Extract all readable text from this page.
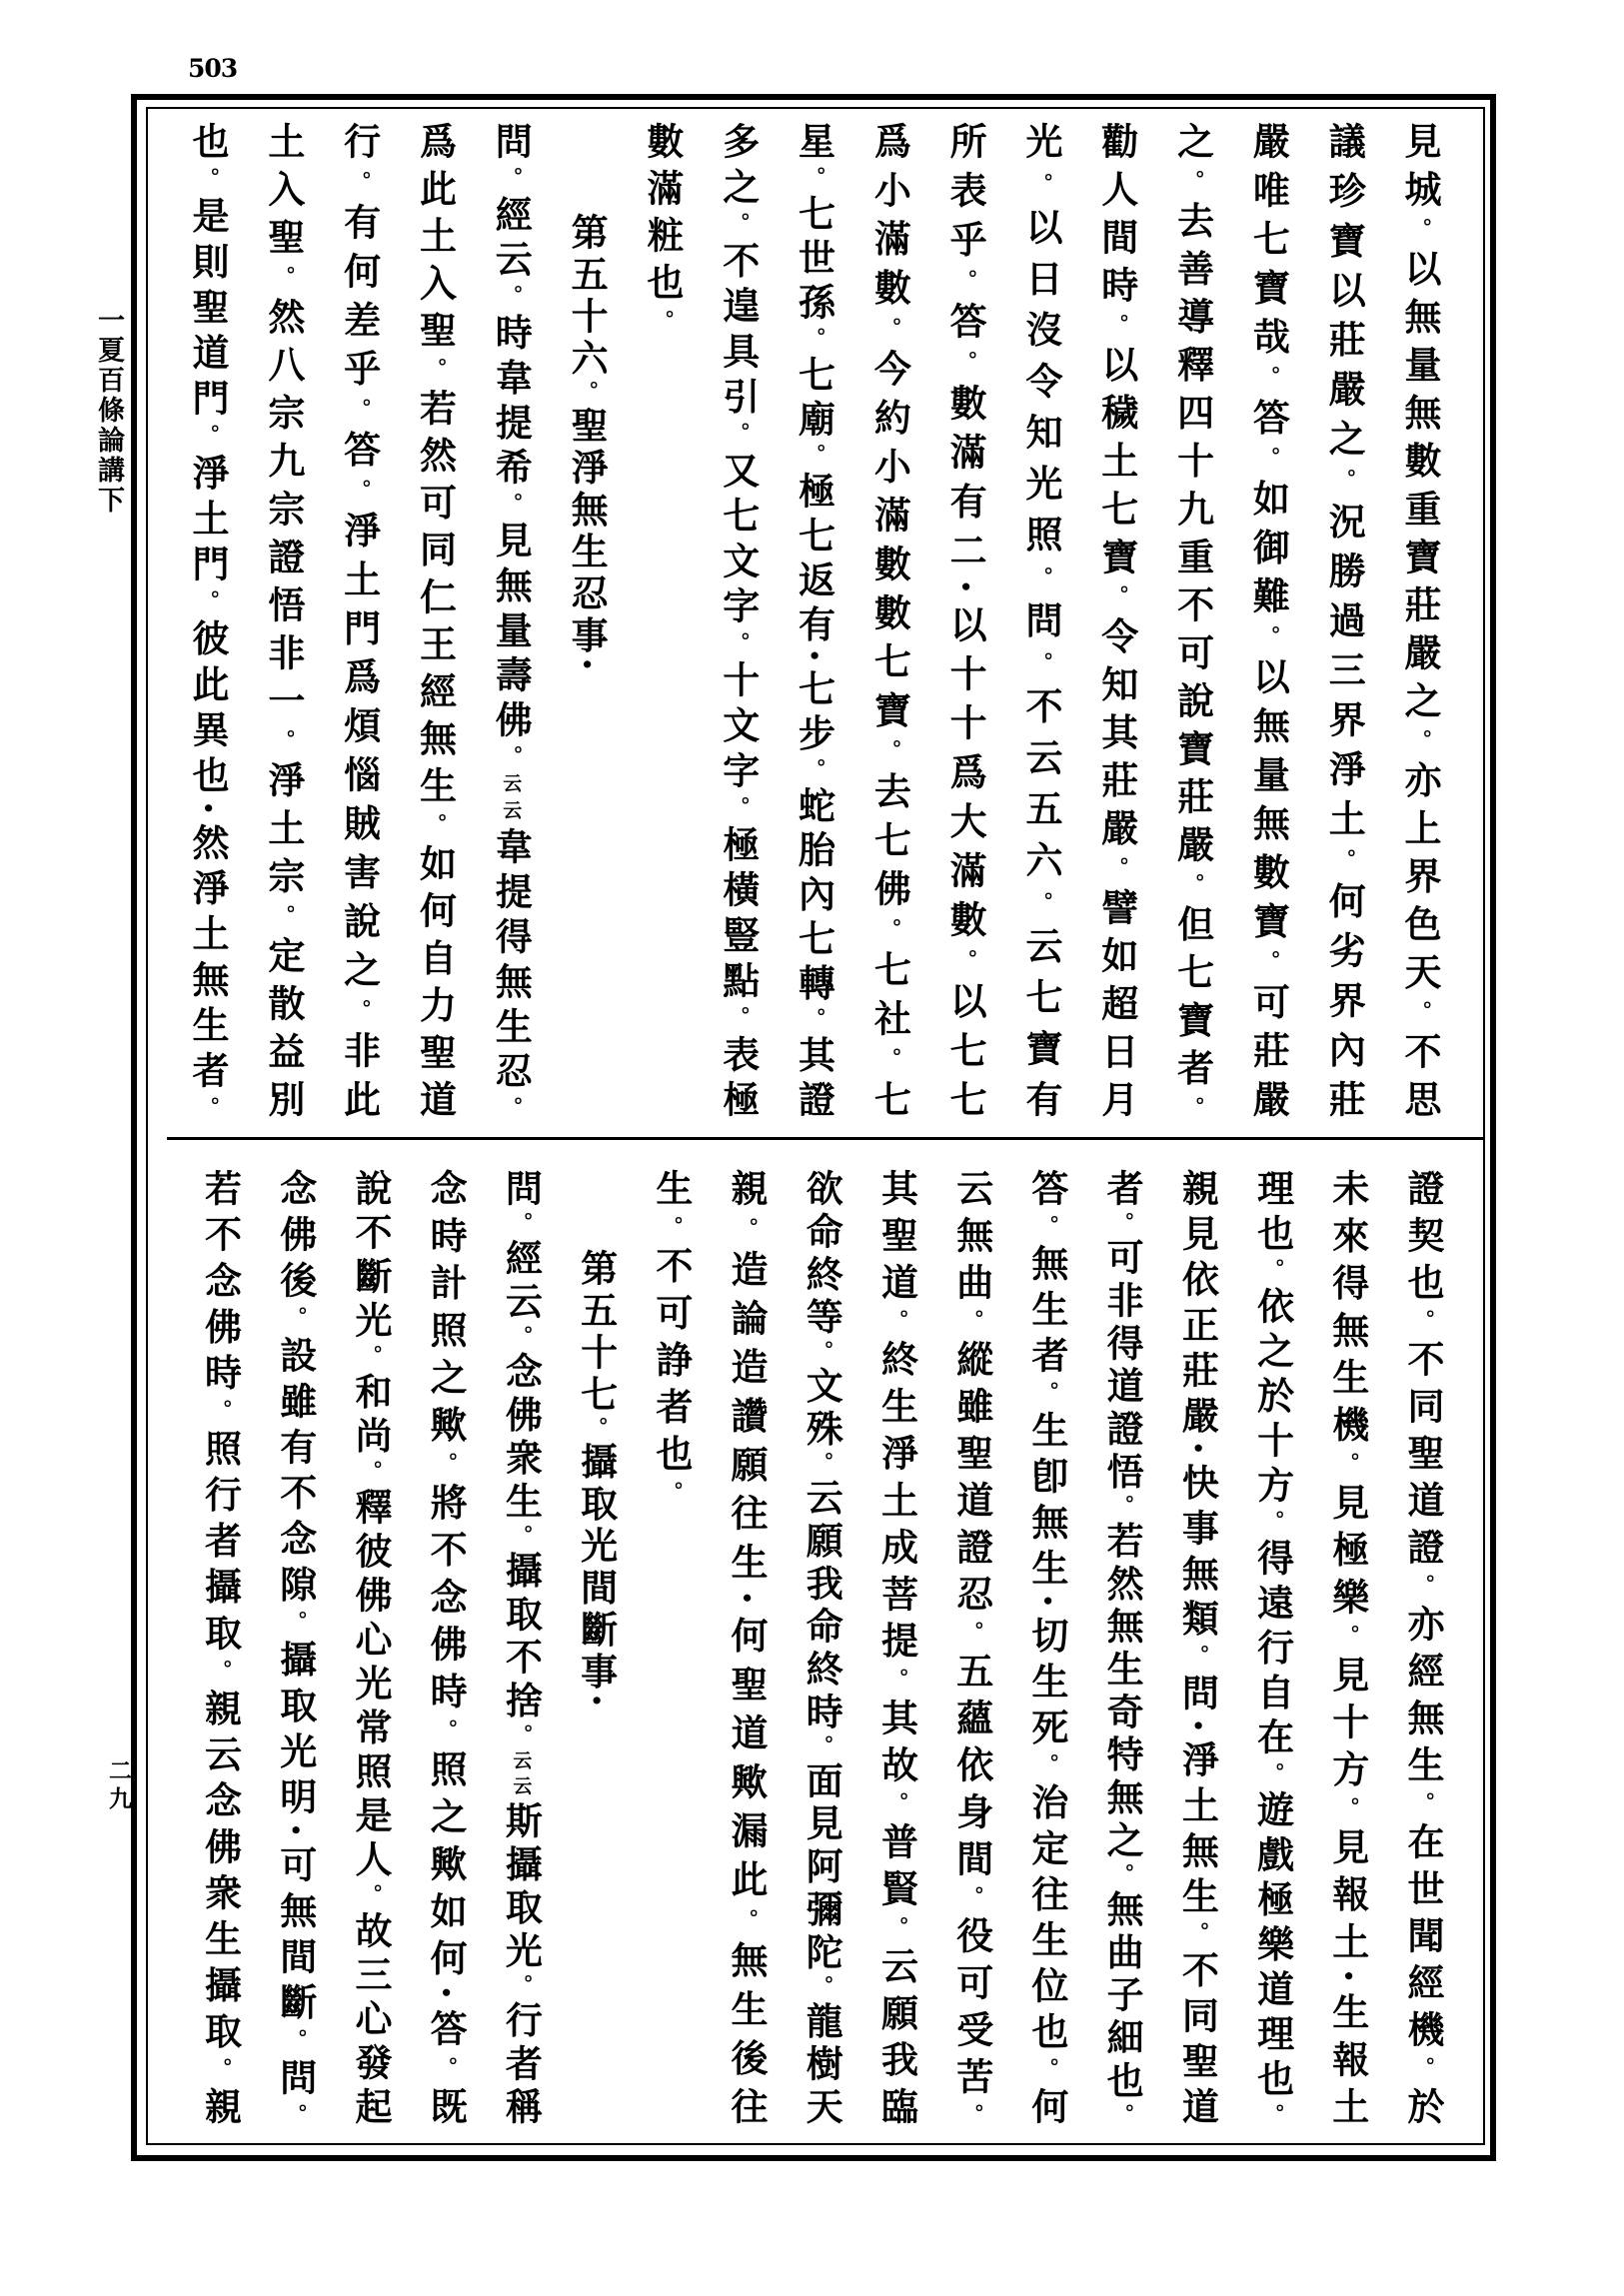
503
一夏百條論講下
二九
見城。以無量無數重寶莊嚴之。亦上界色天。不思
議珍寶以莊嚴之。況勝過三界淨土。何劣界內莊
嚴唯七寶哉。答。如御難。以無量無數寶。可莊嚴
之。去善導釋四十九重不可說寶莊嚴。但七寶者。
勸人間時。以穢土七寶。令知其莊嚴。譬如超日月
光。以日沒令知光照。問。不云五六。云七寶有
所表乎。答。數滿有二•以十十爲大滿數。以七七
爲小滿數。今約小滿數數七寶。去七佛。七社。七
星。七世孫。七廟。極七返有•七步。蛇胎內七轉。其證
多之。不遑具引。又七文字。十文字。極橫豎點。表極
數滿粧也。
第五十六。聖淨無生忍事•
問。經云。時韋提希。見無量壽佛。云云韋提得無生忍。
爲此土入聖。若然可同仁王經無生。如何自力聖道
行。有何差乎。答。淨土門爲煩惱賊害說之。非此
土入聖。然八宗九宗證悟非一。淨土宗。定散益別
也。是則聖道門。淨土門。彼此異也•然淨土無生者。
證契也。不同聖道證。亦經無生。在世聞經機。於
未來得無生機。見極樂。見十方。見報土•生報土
理也。依之於十方。得遠行自在。遊戲極樂道理也。
親見依正莊嚴•快事無類。問•淨土無生。不同聖道
者。可非得道證悟。若然無生奇特無之。無曲子細也。
答。無生者。生卽無生•切生死。治定往生位也。何
云無曲。縱雖聖道證忍。五蘊依身間。役可受苦。
其聖道。終生淨土成菩提。其故。普賢。云願我臨
欲命終等。文殊。云願我命終時。面見阿彌陀。龍樹天
親。造論造讚願往生•何聖道歟漏此。無生後往
生。不可諍者也。
第五十七。攝取光間斷事•
問。經云。念佛衆生。攝取不捨。云云斯攝取光。行者稱
念時計照之歟。將不念佛時。照之歟如何•答。既
說不斷光。和尚。釋彼佛心光常照是人。故三心發起
念佛後。設雖有不念隙。攝取光明•可無間斷。問。
若不念佛時。照行者攝取。親云念佛衆生攝取。親
